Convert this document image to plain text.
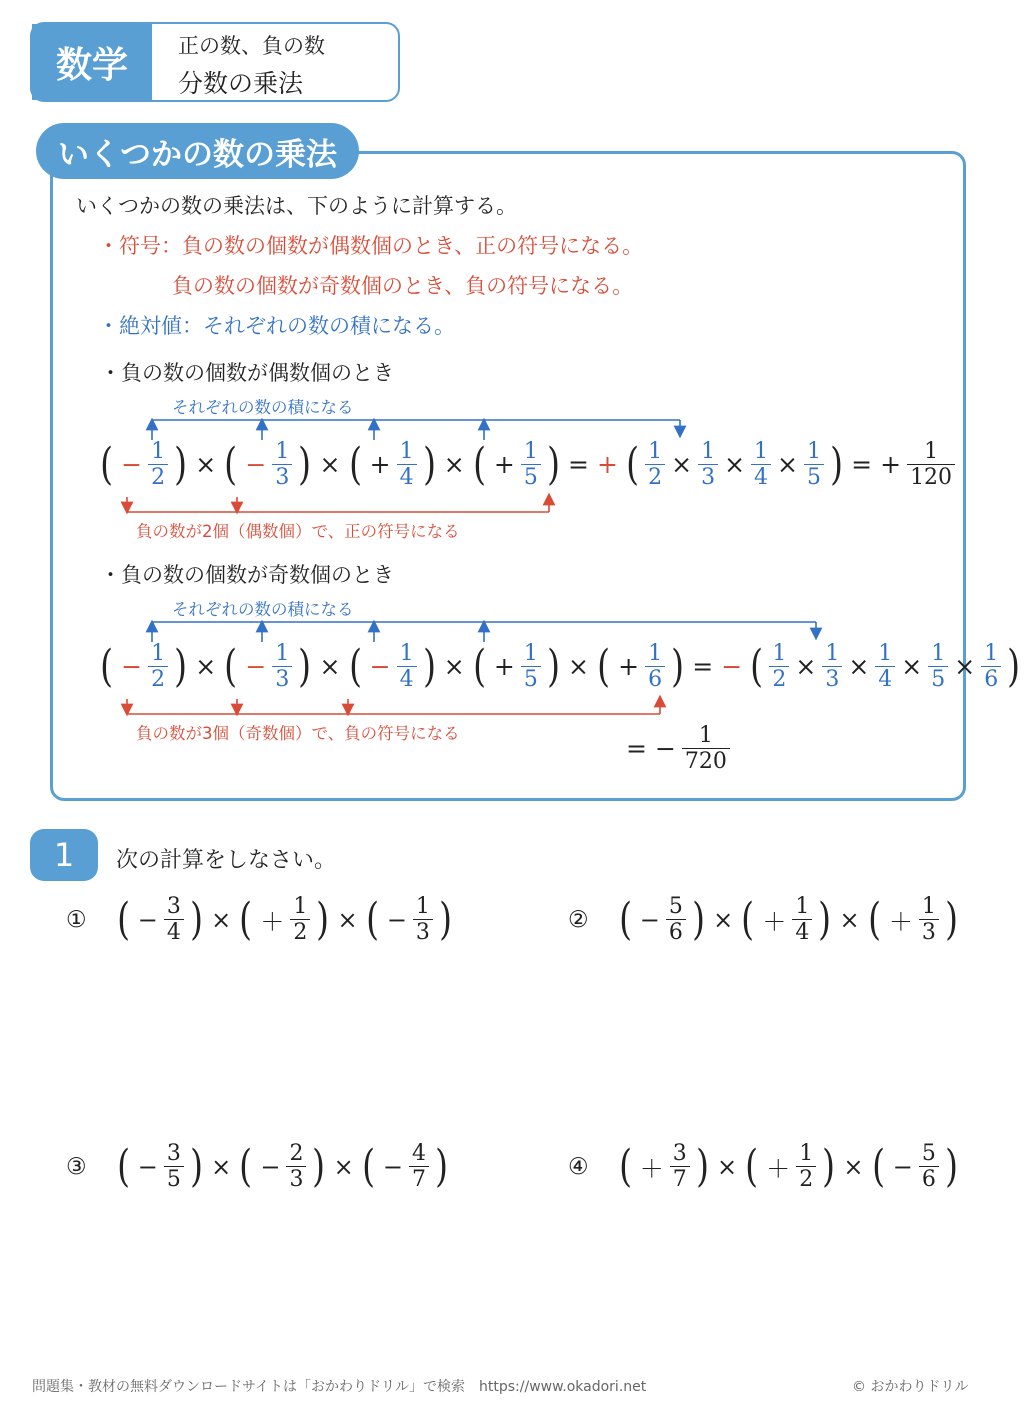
数学	正の数、負の数
分数の乗法
いくつかの数の乗法
いくつかの数の乗法は、下のように計算する。
・符号：負の数の個数が偶数個のとき、正の符号になる。
負の数の個数が奇数個のとき、負の符号になる。
・絶対値：それぞれの数の積になる。
・負の数の個数が偶数個のとき
それぞれの数の積になる
負の数が2個（偶数個）で、正の符号になる
( − 1
2 ) × ( − 1
3 ) × ( + 1
4 ) × ( + 1
5 ) = + ( 1
2 × 1
3 × 1
4 × 1
5 ) = + 1
120
・負の数の個数が奇数個のとき
それぞれの数の積になる
負の数が3個（奇数個）で、負の符号になる
( − 1
2 ) × ( − 1
3 ) × ( − 1
4 ) × ( + 1
5 ) × ( + 1
6 ) = − ( 1
2 × 1
3 × 1
4 × 1
5 × 1
6 )
= − 1
720
1	次の計算をしなさい。
① ( − 3
4 ) × ( ＋
1
2 ) × ( − 1
3 )	② ( − 5
6 ) × ( ＋
1
4 ) × ( ＋
1
3 )
③ ( − 3
5 ) × ( − 2
3 ) × ( − 4
7 )	④ ( ＋
3
7 ) × ( ＋
1
2 ) × ( − 5
6 )
問題集・教材の無料ダウンロードサイトは「おかわりドリル」で検索　https://www.okadori.net	© おかわりドリル
